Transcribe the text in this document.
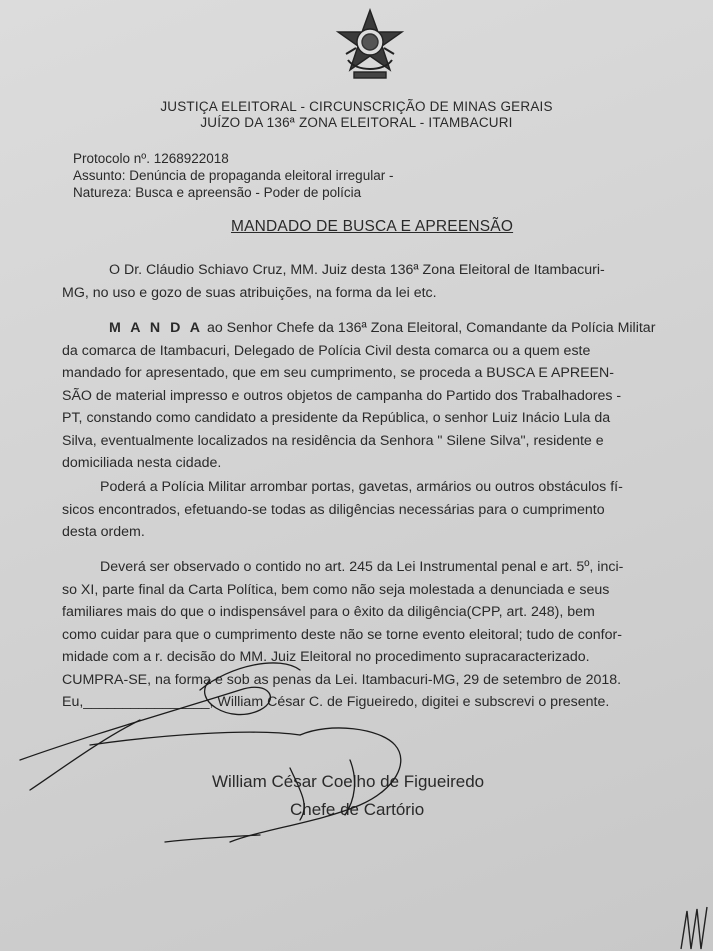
JUSTIÇA ELEITORAL - CIRCUNSCRIÇÃO DE MINAS GERAIS
JUÍZO DA 136ª ZONA ELEITORAL - ITAMBACURI
Protocolo nº. 1268922018
Assunto: Denúncia de propaganda eleitoral irregular -
Natureza: Busca e apreensão - Poder de polícia
MANDADO DE BUSCA E APREENSÃO
O Dr. Cláudio Schiavo Cruz, MM. Juiz desta 136ª Zona Eleitoral de Itambacuri-
MG, no uso e gozo de suas atribuições, na forma da lei etc.
M A N D A ao Senhor Chefe da 136ª Zona Eleitoral, Comandante da Polícia Militar
da comarca de Itambacuri, Delegado de Polícia Civil desta comarca ou a quem este
mandado for apresentado, que em seu cumprimento, se proceda a BUSCA E APREEN-
SÃO de material impresso e outros objetos de campanha do Partido dos Trabalhadores -
PT, constando como candidato a presidente da República, o senhor Luiz Inácio Lula da
Silva, eventualmente localizados na residência da Senhora " Silene Silva", residente e
domiciliada nesta cidade.
Poderá a Polícia Militar arrombar portas, gavetas, armários ou outros obstáculos fí-
sicos encontrados, efetuando-se todas as diligências necessárias para o cumprimento
desta ordem.
Deverá ser observado o contido no art. 245 da Lei Instrumental penal e art. 5º, inci-
so XI, parte final da Carta Política, bem como não seja molestada a denunciada e seus
familiares mais do que o indispensável para o êxito da diligência(CPP, art. 248), bem
como cuidar para que o cumprimento deste não se torne evento eleitoral; tudo de confor-
midade com a r. decisão do MM. Juiz Eleitoral no procedimento supracaracterizado.
CUMPRA-SE, na forma e sob as penas da Lei. Itambacuri-MG, 29 de setembro de 2018.
Eu,________________, William César C. de Figueiredo, digitei e subscrevi o presente.
William César Coelho de Figueiredo
Chefe de Cartório
